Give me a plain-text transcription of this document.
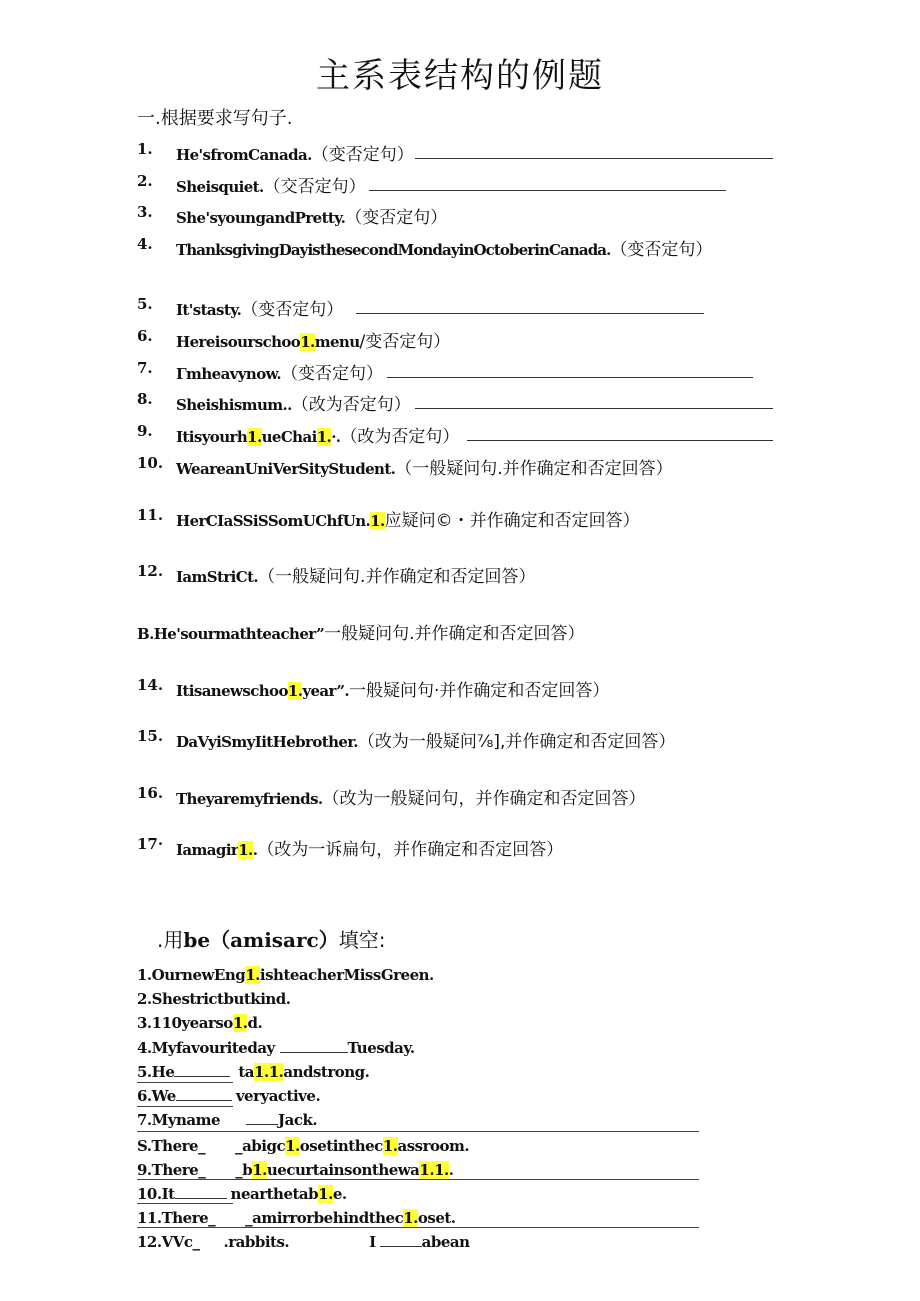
主系表结构的例题
一.根据要求写句子.
1. He'sfromCanada.（变否定句）
2. Sheisquiet.（交否定句）
3. She'syoungandPretty.（变否定句）
4. ThanksgivingDayisthesecondMondayinOctoberinCanada.（变否定句）
5. It'stasty.（变否定句）
6. Hereisourschoo1.menu/变否定句）
7. Γmheavynow.（变否定句）
8. Sheishismum..（改为否定句）
9. Itisyourh1.ueChai1.·.（改为否定句）
10. WeareanUniVerSityStudent.（一般疑问句.并作确定和否定回答）
11. HerCIaSSiSSomUChfUn.1.应疑问©・并作确定和否定回答）
12. IamStriCt.（一般疑问句.并作确定和否定回答）
B.He'sourmathteacher”一般疑问句.并作确定和否定回答）
14. Itisanewschoo1.year”.一般疑问句·并作确定和否定回答）
15. DaVyiSmyIitHebrother.（改为一般疑问⅞],并作确定和否定回答）
16. Theyaremyfriends.（改为一般疑问句，并作确定和否定回答）
17· Iamagir1..（改为一诉扁句，并作确定和否定回答）
.用be（amisarc）填空:
1.OurnewEng1.ishteacherMissGreen.
2.Shestrictbutkind.
3.110yearso1.d.
4.Myfavouriteday	Tuesday.
5.He	ta1.1.andstrong.
6.We	veryactive.
7.Myname	Jack.
S.There_ _abigc1.osetinthec1.assroom.
9.There_ _b1.uecurtainsonthewa1.1..
10.It	nearthetab1.e.
11.There_ _amirrorbehindthec1.oset.
12.VVc_ .rabbits.	I	abean
